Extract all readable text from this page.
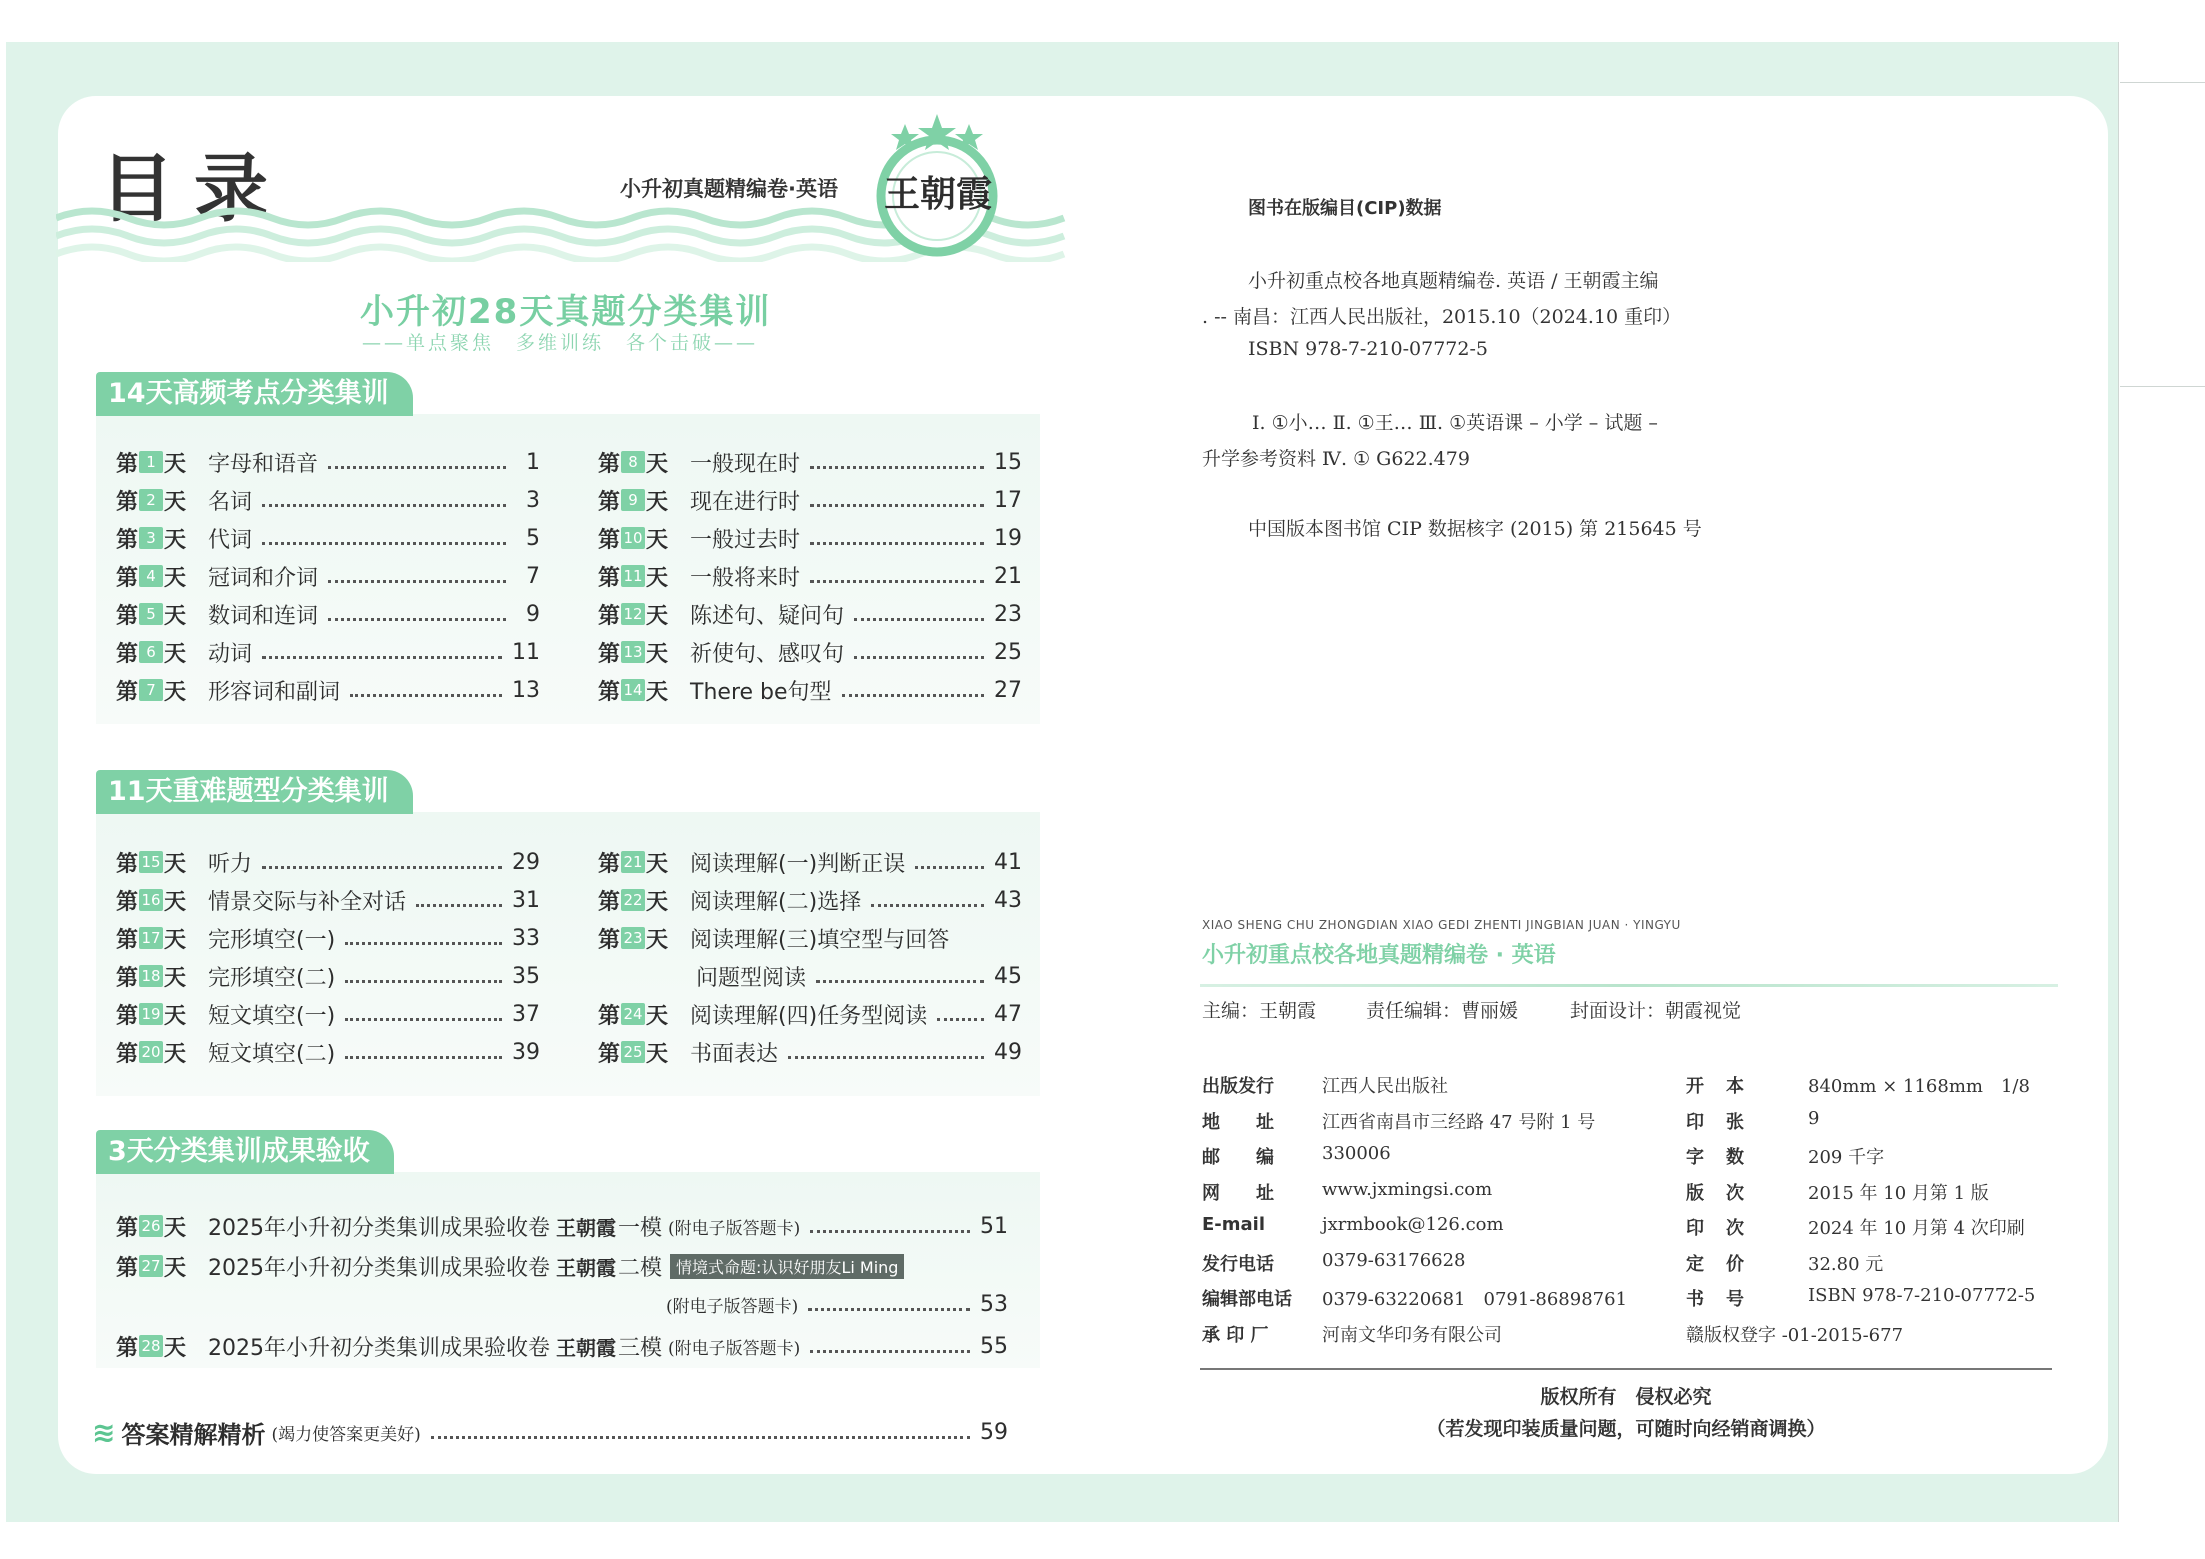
目录	小升初真题精编卷·英语 王朝霞
小升初28天真题分类集训
——单点聚焦　多维训练　各个击破——
14天高频考点分类集训
11天重难题型分类集训
3天分类集训成果验收
第 1 天 字母和语音	1
第 2 天 名词	3
第 3 天 代词	5
第 4 天 冠词和介词	7
第 5 天 数词和连词	9
第 6 天 动词	11
第 7 天 形容词和副词	13
第 8 天 一般现在时	15
第 9 天 现在进行时	17
第 10 天 一般过去时	19
第 11 天 一般将来时	21
第 12 天 陈述句、疑问句	23
第 13 天 祈使句、感叹句	25
第 14 天 There be句型	27
第 15 天 听力	29
第 16 天 情景交际与补全对话	31
第 17 天 完形填空(一)	33
第 18 天 完形填空(二)	35
第 19 天 短文填空(一)	37
第 20 天 短文填空(二)	39
第 21 天 阅读理解(一)判断正误	41
第 22 天 阅读理解(二)选择	43
第 23 天 阅读理解(三)填空型与回答
问题型阅读	45
第 24 天 阅读理解(四)任务型阅读	47
第 25 天 书面表达	49
第 26 天 2025年小升初分类集训成果验收卷 王朝霞 一模 (附电子版答题卡)	51
第 27 天 2025年小升初分类集训成果验收卷 王朝霞 二模 情境式命题:认识好朋友Li Ming
(附电子版答题卡)	53
第 28 天 2025年小升初分类集训成果验收卷 王朝霞 三模 (附电子版答题卡)	55
≋ 答案精解精析 (竭力使答案更美好)	59
图书在版编目(CIP)数据
小升初重点校各地真题精编卷. 英语 / 王朝霞主编
. -- 南昌：江西人民出版社，2015.10（2024.10 重印）
ISBN 978-7-210-07772-5
Ⅰ. ①小… Ⅱ. ①王… Ⅲ. ①英语课 – 小学 – 试题 –
升学参考资料 Ⅳ. ① G622.479
中国版本图书馆 CIP 数据核字 (2015) 第 215645 号
XIAO SHENG CHU ZHONGDIAN XIAO GEDI ZHENTI JINGBIAN JUAN · YINGYU
小升初重点校各地真题精编卷 · 英语
主编：王朝霞	责任编辑：曹丽媛	封面设计：朝霞视觉
出版发行	江西人民出版社
地　　址	江西省南昌市三经路 47 号附 1 号
邮　　编	330006
网　　址	www.jxmingsi.com
E-mail	jxrmbook@126.com
发行电话	0379-63176628
编辑部电话	0379-63220681　0791-86898761
承 印 厂	河南文华印务有限公司
开本 840mm × 1168mm　1/8
印张 9
字数 209 千字
版次 2015 年 10 月第 1 版
印次 2024 年 10 月第 4 次印刷
定价 32.80 元
书号 ISBN 978-7-210-07772-5
赣版权登字 -01-2015-677
版权所有　侵权必究
（若发现印装质量问题，可随时向经销商调换）
